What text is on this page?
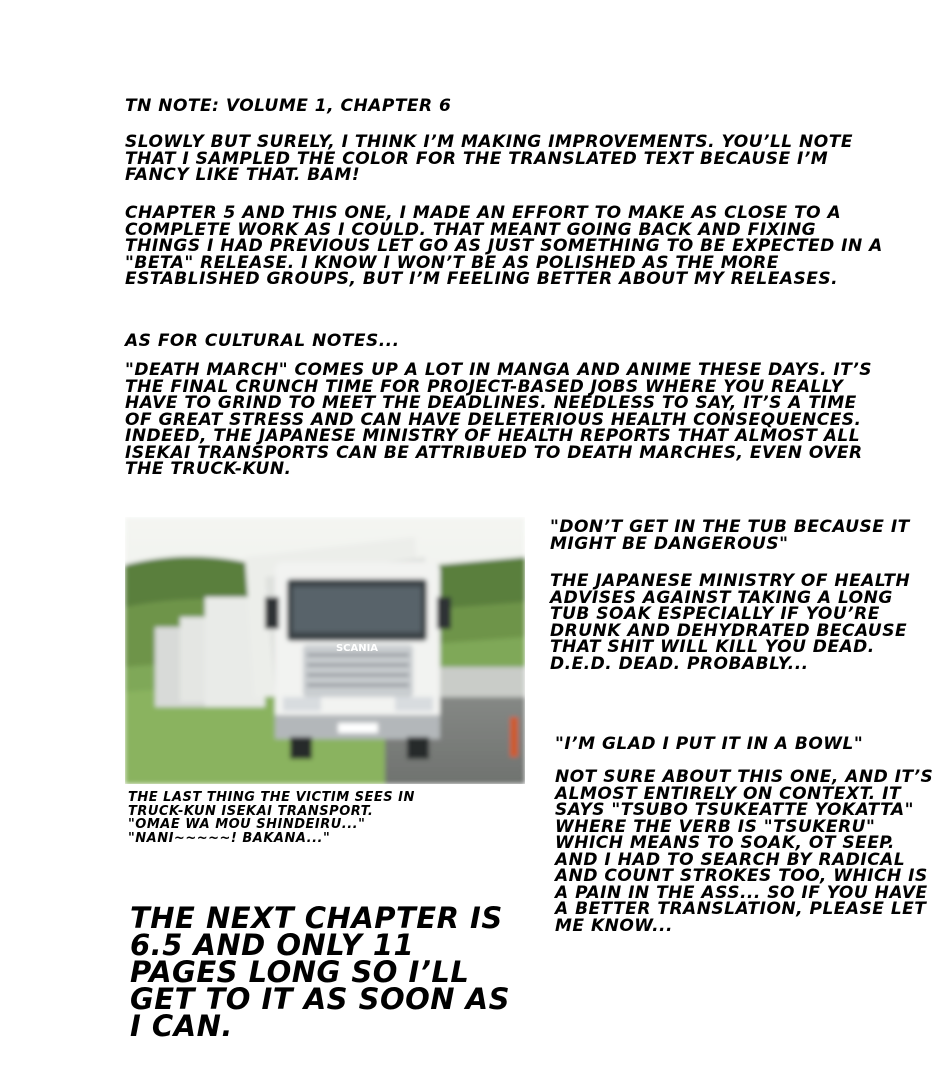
TN NOTE: VOLUME 1, CHAPTER 6

SLOWLY BUT SURELY, I THINK I’M MAKING IMPROVEMENTS. YOU’LL NOTE THAT I SAMPLED THE COLOR FOR THE TRANSLATED TEXT BECAUSE I’M FANCY LIKE THAT. BAM!

CHAPTER 5 AND THIS ONE, I MADE AN EFFORT TO MAKE AS CLOSE TO A COMPLETE WORK AS I COULD. THAT MEANT GOING BACK AND FIXING THINGS I HAD PREVIOUS LET GO AS JUST SOMETHING TO BE EXPECTED IN A "BETA" RELEASE. I KNOW I WON’T BE AS POLISHED AS THE MORE ESTABLISHED GROUPS, BUT I’M FEELING BETTER ABOUT MY RELEASES.

AS FOR CULTURAL NOTES...

"DEATH MARCH" COMES UP A LOT IN MANGA AND ANIME THESE DAYS. IT’S THE FINAL CRUNCH TIME FOR PROJECT-BASED JOBS WHERE YOU REALLY HAVE TO GRIND TO MEET THE DEADLINES. NEEDLESS TO SAY, IT’S A TIME OF GREAT STRESS AND CAN HAVE DELETERIOUS HEALTH CONSEQUENCES. INDEED, THE JAPANESE MINISTRY OF HEALTH REPORTS THAT ALMOST ALL ISEKAI TRANSPORTS CAN BE ATTRIBUED TO DEATH MARCHES, EVEN OVER THE TRUCK-KUN.

SCANIA
THE LAST THING THE VICTIM SEES IN
TRUCK-KUN ISEKAI TRANSPORT.
"OMAE WA MOU SHINDEIRU..."
"NANI~~~~~! BAKANA..."

THE NEXT CHAPTER IS 6.5 AND ONLY 11 PAGES LONG SO I’LL GET TO IT AS SOON AS I CAN.

"DON’T GET IN THE TUB BECAUSE IT MIGHT BE DANGEROUS"

THE JAPANESE MINISTRY OF HEALTH ADVISES AGAINST TAKING A LONG TUB SOAK ESPECIALLY IF YOU’RE DRUNK AND DEHYDRATED BECAUSE THAT SHIT WILL KILL YOU DEAD. D.E.D. DEAD. PROBABLY...

"I’M GLAD I PUT IT IN A BOWL"

NOT SURE ABOUT THIS ONE, AND IT’S ALMOST ENTIRELY ON CONTEXT. IT SAYS "TSUBO TSUKEATTE YOKATTA" WHERE THE VERB IS "TSUKERU" WHICH MEANS TO SOAK, OT SEEP. AND I HAD TO SEARCH BY RADICAL AND COUNT STROKES TOO, WHICH IS A PAIN IN THE ASS... SO IF YOU HAVE A BETTER TRANSLATION, PLEASE LET ME KNOW...
